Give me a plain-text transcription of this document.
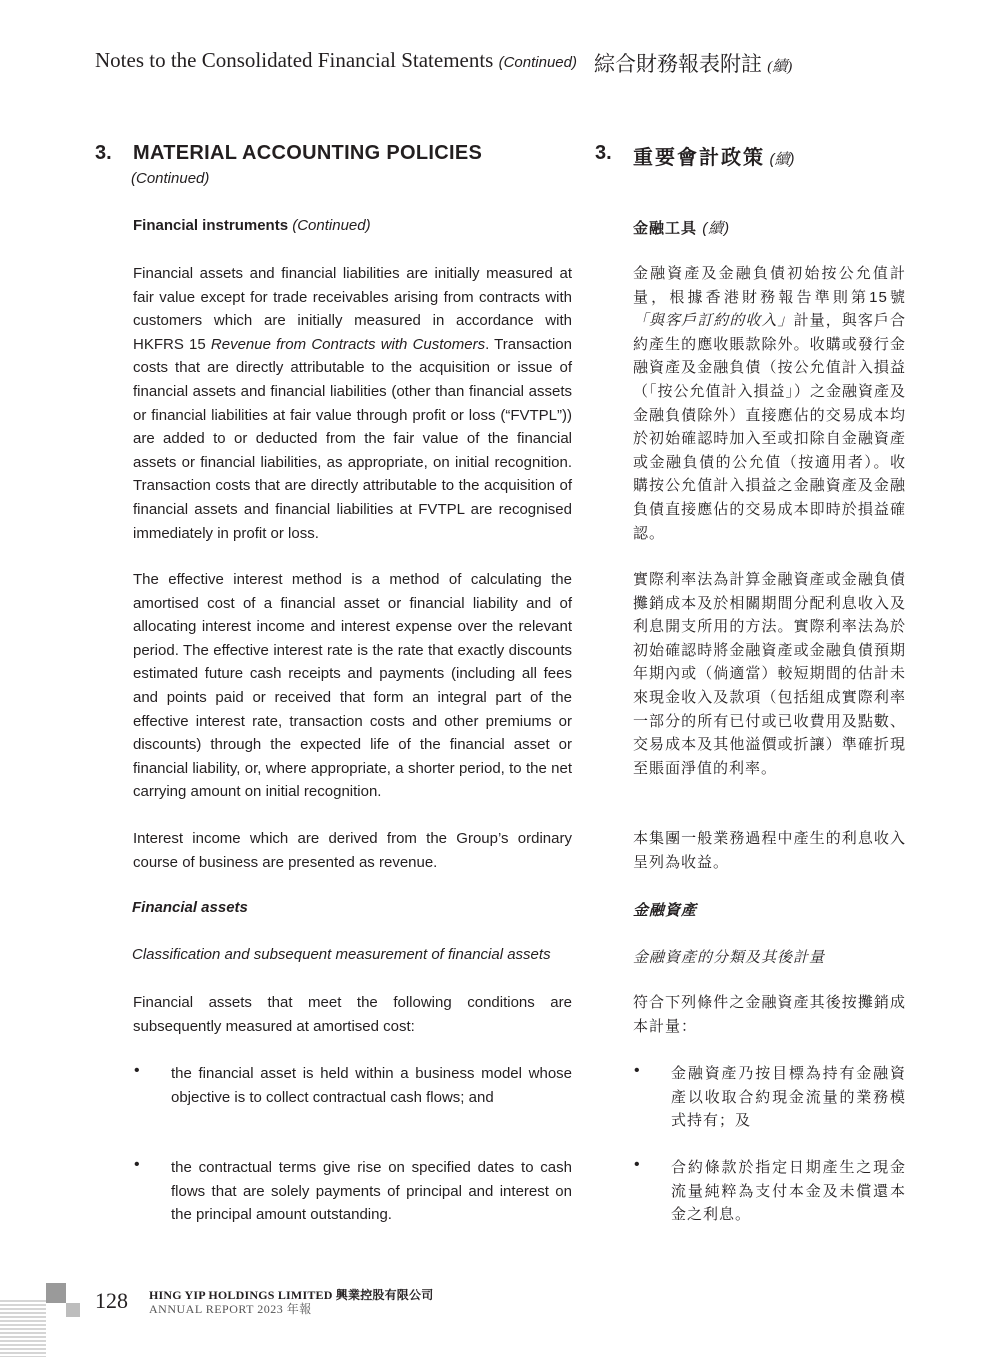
Notes to the Consolidated Financial Statements (Continued) 綜合財務報表附註 (續)
3. MATERIAL ACCOUNTING POLICIES
(Continued)
3. 重要會計政策 (續)
Financial instruments (Continued)	金融工具 (續)
Financial assets and financial liabilities are initially measured at fair value except for trade receivables arising from contracts with customers which are initially measured in accordance with HKFRS 15 Revenue from Contracts with Customers. Transaction costs that are directly attributable to the acquisition or issue of financial assets and financial liabilities (other than financial assets or financial liabilities at fair value through profit or loss (“FVTPL”)) are added to or deducted from the fair value of the financial assets or financial liabilities, as appropriate, on initial recognition. Transaction costs that are directly attributable to the acquisition of financial assets and financial liabilities at FVTPL are recognised immediately in profit or loss.
金融資產及金融負債初始按公允值計量，根據香港財務報告準則第15號「與客戶訂約的收入」計量，與客戶合約產生的應收賬款除外。收購或發行金融資產及金融負債（按公允值計入損益（「按公允值計入損益」）之金融資產及金融負債除外）直接應佔的交易成本均於初始確認時加入至或扣除自金融資產或金融負債的公允值（按適用者）。收購按公允值計入損益之金融資產及金融負債直接應佔的交易成本即時於損益確認。
The effective interest method is a method of calculating the amortised cost of a financial asset or financial liability and of allocating interest income and interest expense over the relevant period. The effective interest rate is the rate that exactly discounts estimated future cash receipts and payments (including all fees and points paid or received that form an integral part of the effective interest rate, transaction costs and other premiums or discounts) through the expected life of the financial asset or financial liability, or, where appropriate, a shorter period, to the net carrying amount on initial recognition.
實際利率法為計算金融資產或金融負債攤銷成本及於相關期間分配利息收入及利息開支所用的方法。實際利率法為於初始確認時將金融資產或金融負債預期年期內或（倘適當）較短期間的估計未來現金收入及款項（包括組成實際利率一部分的所有已付或已收費用及點數、交易成本及其他溢價或折讓）準確折現至賬面淨值的利率。
Interest income which are derived from the Group’s ordinary course of business are presented as revenue.
本集團一般業務過程中產生的利息收入呈列為收益。
Financial assets	金融資產
Classification and subsequent measurement of financial assets	金融資產的分類及其後計量
Financial assets that meet the following conditions are subsequently measured at amortised cost:
符合下列條件之金融資產其後按攤銷成本計量：
• the financial asset is held within a business model whose objective is to collect contractual cash flows; and
• 金融資產乃按目標為持有金融資產以收取合約現金流量的業務模式持有；及
• the contractual terms give rise on specified dates to cash flows that are solely payments of principal and interest on the principal amount outstanding.
• 合約條款於指定日期產生之現金流量純粹為支付本金及未償還本金之利息。
128 HING YIP HOLDINGS LIMITED 興業控股有限公司
ANNUAL REPORT 2023 年報
